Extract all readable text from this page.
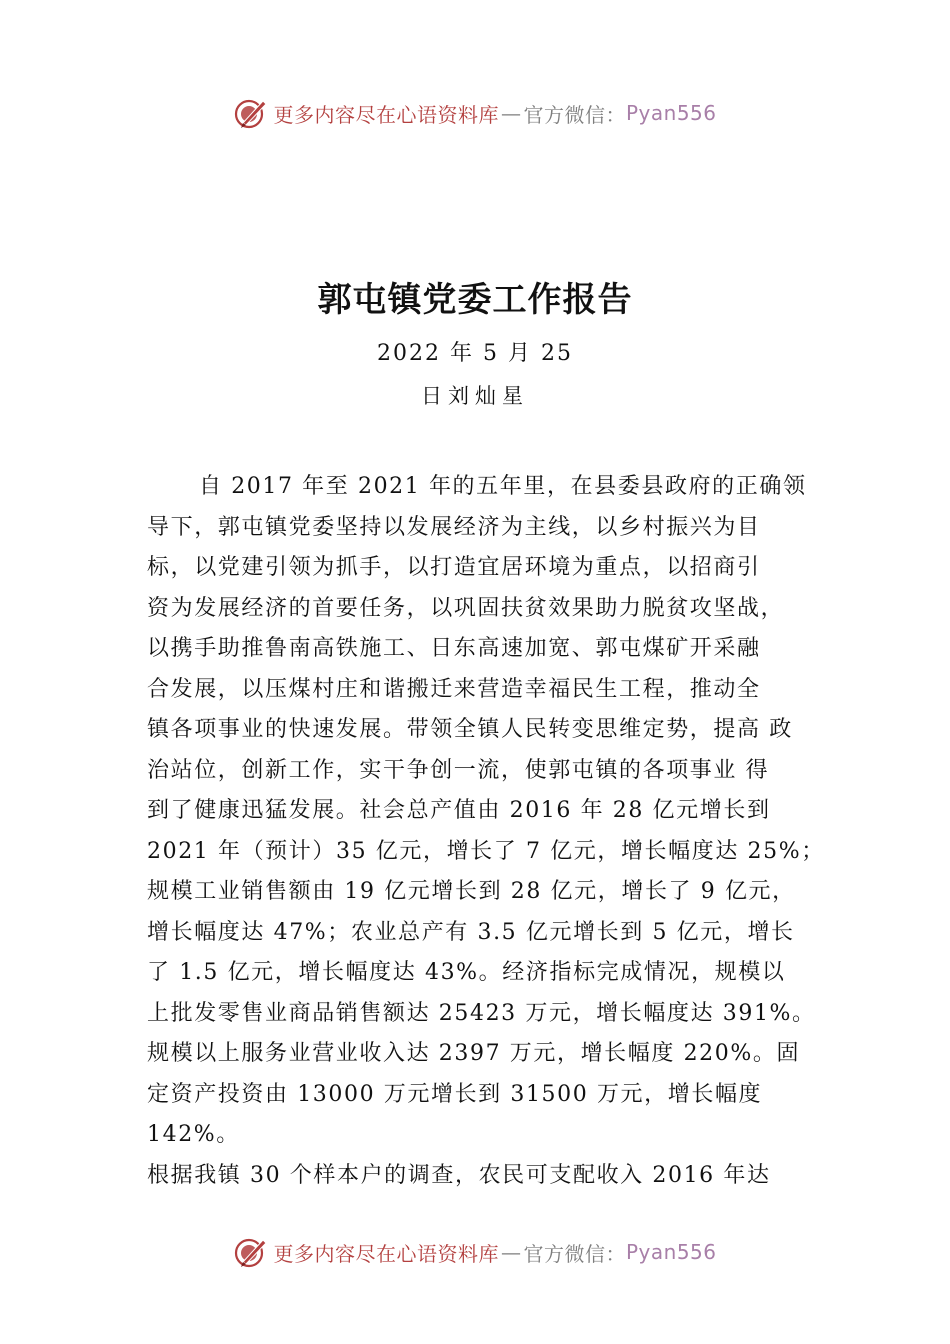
更多内容尽在心语资料库 — 官方微信： Pyan556
郭屯镇党委工作报告
2022 年 5 月 25
日刘灿星
自 2017 年至 2021 年的五年里，在县委县政府的正确领
导下，郭屯镇党委坚持以发展经济为主线，以乡村振兴为目
标，以党建引领为抓手，以打造宜居环境为重点，以招商引
资为发展经济的首要任务，以巩固扶贫效果助力脱贫攻坚战，
以携手助推鲁南高铁施工、日东高速加宽、郭屯煤矿开采融
合发展，以压煤村庄和谐搬迁来营造幸福民生工程，推动全
镇各项事业的快速发展。带领全镇人民转变思维定势，提高 政
治站位，创新工作，实干争创一流，使郭屯镇的各项事业 得
到了健康迅猛发展。社会总产值由 2016 年 28 亿元增长到
2021 年（预计）35 亿元，增长了 7 亿元，增长幅度达 25%；
规模工业销售额由 19 亿元增长到 28 亿元，增长了 9 亿元，
增长幅度达 47%；农业总产有 3.5 亿元增长到 5 亿元，增长
了 1.5 亿元，增长幅度达 43%。经济指标完成情况，规模以
上批发零售业商品销售额达 25423 万元，增长幅度达 391%。
规模以上服务业营业收入达 2397 万元，增长幅度 220%。固
定资产投资由 13000 万元增长到 31500 万元，增长幅度
142%。
根据我镇 30 个样本户的调查，农民可支配收入 2016 年达
更多内容尽在心语资料库 — 官方微信： Pyan556
